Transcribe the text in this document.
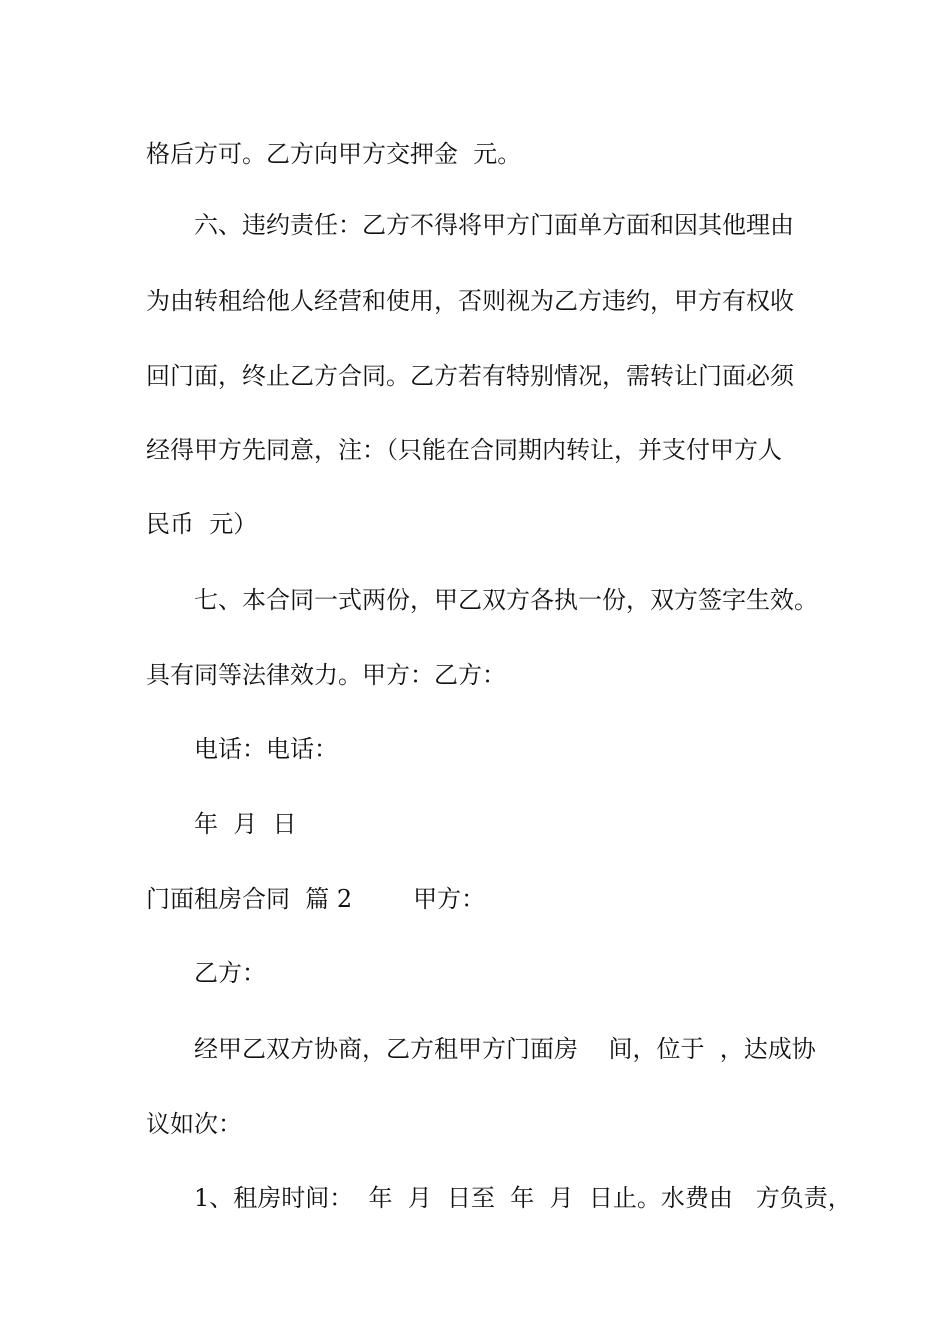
格后方可。乙方向甲方交押金  元。

六、违约责任：乙方不得将甲方门面单方面和因其他理由

为由转租给他人经营和使用，否则视为乙方违约，甲方有权收

回门面，终止乙方合同。乙方若有特别情况，需转让门面必须

经得甲方先同意，注：（只能在合同期内转让，并支付甲方人

民币  元）

七、本合同一式两份，甲乙双方各执一份，双方签字生效。

具有同等法律效力。甲方：乙方：

电话：电话：

年  月  日

门面租房合同  篇 2        甲方：

乙方：

经甲乙双方协商，乙方租甲方门面房    间，位于  ，达成协

议如次：

1、租房时间：  年  月  日至  年  月  日止。水费由   方负责，
